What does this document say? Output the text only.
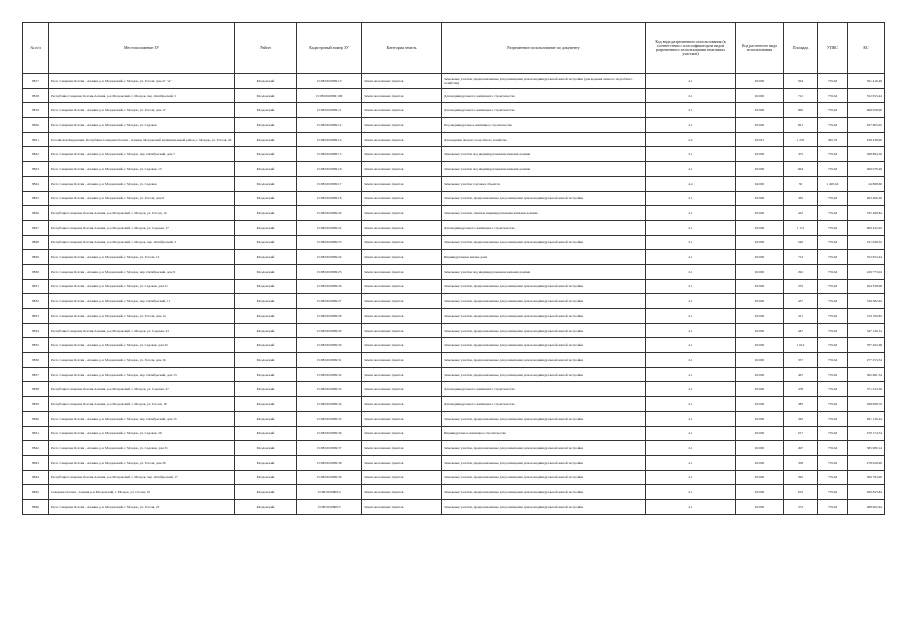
№ п/п	Местоположение ЗУ	Район	Кадастровый номер ЗУ	Категория земель	Разрешенное использование по документу	Код вида разрешенного использования (в соответствии с классификатором видов разрешенного использования земельных участков)	Код расчетного вида использования	Площадь	УПКС	КС
8817	Респ. Северная Осетия - Алания, р-н Моздокский, г. Моздок, ул. Гоголя, дом 21 "А"	Моздокский	15:08:0010809:10	Земли населенных пунктов	Земельные участки, предназначенные для размещения домов индивидуальной жилой застройки (для ведения личного подсобного хозяйства)	2.1	02:000	504	776,62	391 416,48
8818	Республика Северная Осетия-Алания, р-н Моздокский, г. Моздок, пер. Октябрьский, 5	Моздокский	15:08:0010809:109	Земли населенных пунктов	Для индивидуального жилищного строительства	2.1	02:000	712	776,62	552 953,44
8819	Респ. Северная Осетия - Алания, р-н Моздокский, г. Моздок, ул. Гоголя, дом 17	Моздокский	15:08:0010809:11	Земли населенных пунктов	Для индивидуального жилищного строительства	2.1	02:000	900	776,62	698 958,00
8820	Респ. Северная Осетия - Алания, р-н Моздокский, г. Моздок, ул. Садовая	Моздокский	15:08:0010809:12	Земли населенных пунктов	Под индивидуальное жилищное строительство	2.1	02:000	821	776,62	637 605,02
8821	Российская Федерация, Республика Северная Осетия - Алания, Моздокский муниципальный район, г. Моздок, ул. Гоголя, 29	Моздокский	15:08:0010809:14	Земли населенных пунктов	Для ведения личного подсобного хозяйства	2.2	02:021	1 235	500,76	618 438,60
8822	Респ. Северная Осетия - Алания, р-н Моздокский, г. Моздок, пер. Октябрьский, дом 7	Моздокский	15:08:0010809:15	Земли населенных пунктов	Земельные участки под индивидуальными жилыми домами	2.1	02:000	475	776,62	368 894,50
8823	Респ. Северная Осетия - Алания, р-н Моздокский, г. Моздок, ул. Садовая, 15	Моздокский	15:08:0010809:16	Земли населенных пунктов	Земельные участки под индивидуальными жилыми домами	2.1	02:000	604	776,62	469 078,48
8824	Респ. Северная Осетия - Алания, р-н Моздокский, г. Моздок, ул. Садовая	Моздокский	15:08:0010809:17	Земли населенных пунктов	Земельные участки торговых объектов	4.4	04:000	30	1 495,62	44 868,60
8825	Респ. Северная Осетия - Алания, р-н Моздокский, г. Моздок, ул. Гоголя, дом 8	Моздокский	15:08:0010809:18	Земли населенных пунктов	Земельные участки, предназначенные для размещения домов индивидуальной жилой застройки	2.1	02:000	365	776,62	283 466,30
8826	Республика Северная Осетия-Алания, р-н Моздокский, г. Моздок, ул. Гоголя, 10	Моздокский	15:08:0010809:20	Земли населенных пунктов	Земельные участки, занятые индивидуальными жилыми домами	2.1	02:000	432	776,62	335 499,84
8827	Республика Северная Осетия-Алания, р-н Моздокский, г. Моздок, ул. Садовая, 17	Моздокский	15:08:0010809:22	Земли населенных пунктов	Для индивидуального жилищного строительства	2.1	02:000	1 171	776,62	909 422,02
8828	Республика Северная Осетия-Алания, р-н Моздокский, г. Моздок, пер. Октябрьский, 3	Моздокский	15:08:0010809:23	Земли населенных пунктов	Земельные участки, предназначенные для размещения домов индивидуальной жилой застройки	2.1	02:000	246	776,62	191 048,52
8829	Респ. Северная Осетия - Алания, р-н Моздокский, г. Моздок, ул. Гоголя, 12	Моздокский	15:08:0010809:24	Земли населенных пунктов	Индивидуальные жилые дома	2.1	02:000	712	776,62	552 953,44
8830	Респ. Северная Осетия - Алания, р-н Моздокский, г. Моздок, пер. Октябрьский, дом 9	Моздокский	15:08:0010809:25	Земли населенных пунктов	Земельные участки под индивидуальными жилыми домами	2.1	02:000	292	776,62	226 773,04
8831	Респ. Северная Осетия - Алания, р-н Моздокский, г. Моздок, ул. Садовая, дом 21	Моздокский	15:08:0010809:26	Земли населенных пунктов	Земельные участки, предназначенные для размещения домов индивидуальной жилой застройки	2.1	02:000	379	776,62	294 338,98
8832	Респ. Северная Осетия - Алания, р-н Моздокский, г. Моздок, пер. Октябрьский, 11	Моздокский	15:08:0010809:27	Земли населенных пунктов	Земельные участки, предназначенные для размещения домов индивидуальной жилой застройки	2.1	02:000	437	776,62	339 382,94
8833	Респ. Северная Осетия - Алания, р-н Моздокский, г. Моздок, ул. Гоголя, дом 14	Моздокский	15:08:0010809:28	Земли населенных пунктов	Земельные участки, предназначенные для размещения домов индивидуальной жилой застройки	2.1	02:000	411	776,62	319 190,82
8834	Республика Северная Осетия-Алания, р-н Моздокский, г. Моздок, ул. Садовая, 23	Моздокский	15:08:0010809:29	Земли населенных пунктов	Земельные участки, предназначенные для размещения домов индивидуальной жилой застройки	2.1	02:000	447	776,62	347 149,14
8835	Респ. Северная Осетия - Алания, р-н Моздокский, г. Моздок, ул. Садовая, дом 25	Моздокский	15:08:0010809:30	Земли населенных пунктов	Земельные участки, предназначенные для размещения домов индивидуальной жилой застройки	2.1	02:000	1 014	776,62	787 492,68
8836	Респ. Северная Осетия - Алания, р-н Моздокский, г. Моздок, ул. Гоголя, дом 16	Моздокский	15:08:0010809:31	Земли населенных пунктов	Земельные участки, предназначенные для размещения домов индивидуальной жилой застройки	2.1	02:000	357	776,62	277 253,34
8837	Респ. Северная Осетия - Алания, р-н Моздокский, г. Моздок, пер. Октябрьский, дом 13	Моздокский	15:08:0010809:32	Земли населенных пунктов	Земельные участки, предназначенные для размещения домов индивидуальной жилой застройки	2.1	02:000	467	776,62	362 681,54
8838	Республика Северная Осетия-Алания, р-н Моздокский, г. Моздок, ул. Садовая, 27	Моздокский	15:08:0010809:33	Земли населенных пунктов	Для индивидуального жилищного строительства	2.1	02:000	478	776,62	371 224,36
8839	Республика Северная Осетия-Алания, р-н Моздокский, г. Моздок, ул. Гоголя, 18	Моздокский	15:08:0010809:34	Земли населенных пунктов	Для индивидуального жилищного строительства	2.1	02:000	385	776,62	298 998,70
8840	Респ. Северная Осетия - Алания, р-н Моздокский, г. Моздок, пер. Октябрьский, дом 15	Моздокский	15:08:0010809:35	Земли населенных пунктов	Земельные участки, предназначенные для размещения домов индивидуальной жилой застройки	2.1	02:000	362	776,62	281 136,44
8841	Респ. Северная Осетия - Алания, р-н Моздокский, г. Моздок, ул. Садовая, 29	Моздокский	15:08:0010809:36	Земли населенных пунктов	Индивидуальное жилищное строительство	2.1	02:000	617	776,62	479 174,54
8842	Респ. Северная Осетия - Алания, р-н Моздокский, г. Моздок, ул. Садовая, дом 31	Моздокский	15:08:0010809:37	Земли населенных пунктов	Земельные участки, предназначенные для размещения домов индивидуальной жилой застройки	2.1	02:000	497	776,62	385 980,14
8843	Респ. Северная Осетия - Алания, р-н Моздокский, г. Моздок, ул. Гоголя, дом 20	Моздокский	15:08:0010809:38	Земли населенных пунктов	Земельные участки, предназначенные для размещения домов индивидуальной жилой застройки	2.1	02:000	358	776,62	278 029,96
8844	Республика Северная Осетия-Алания, р-н Моздокский, г. Моздок, пер. Октябрьский, 17	Моздокский	15:08:0010809:39	Земли населенных пунктов	Земельные участки, предназначенные для размещения домов индивидуальной жилой застройки	2.1	02:000	395	776,62	306 764,90
8845	Северная Осетия - Алания р-н Моздокский, г. Моздок, ул. Гоголя, 19	Моздокский	15:08:0010809:4	Земли населенных пунктов	Земельные участки, предназначенные для размещения домов индивидуальной жилой застройки	2.1	02:000	632	776,62	490 823,84
8846	Респ. Северная Осетия - Алания, р-н Моздокский, г. Моздок, ул. Гоголя, 23	Моздокский	15:08:0010809:5	Земли населенных пунктов	Земельные участки, предназначенные для размещения домов индивидуальной жилой застройки	2.1	02:000	372	776,62	288 902,64
